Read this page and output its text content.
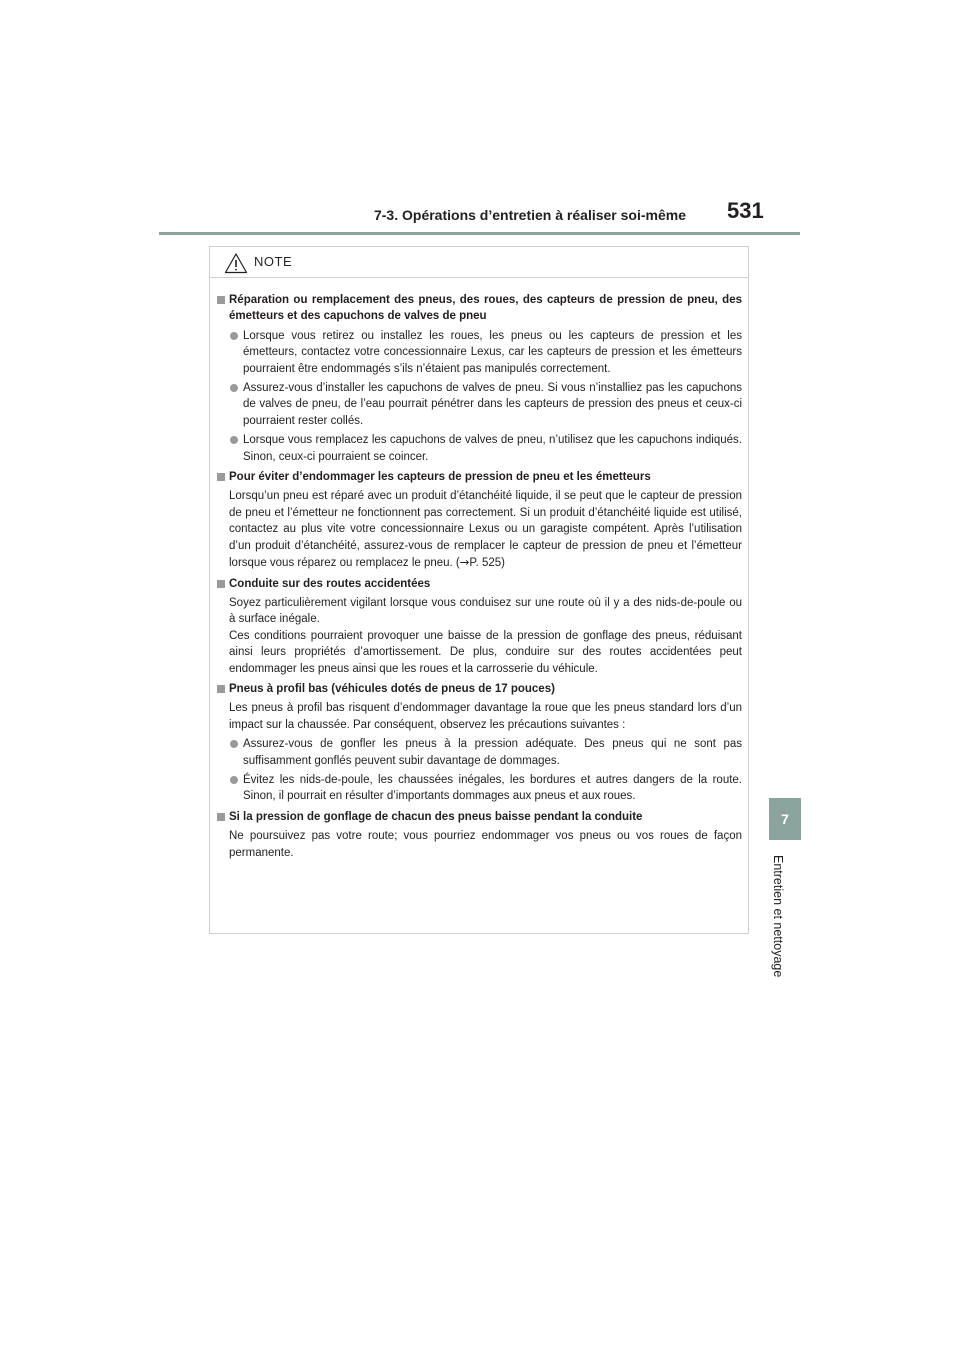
7-3. Opérations d’entretien à réaliser soi-même 531
7
Entretien et nettoyage
NOTE
Réparation ou remplacement des pneus, des roues, des capteurs de pression de pneu, des émetteurs et des capuchons de valves de pneu
Lorsque vous retirez ou installez les roues, les pneus ou les capteurs de pression et les émetteurs, contactez votre concessionnaire Lexus, car les capteurs de pression et les émetteurs pourraient être endommagés s’ils n’étaient pas manipulés correctement.
Assurez-vous d’installer les capuchons de valves de pneu. Si vous n’installiez pas les capuchons de valves de pneu, de l’eau pourrait pénétrer dans les capteurs de pression des pneus et ceux-ci pourraient rester collés.
Lorsque vous remplacez les capuchons de valves de pneu, n’utilisez que les capuchons indiqués. Sinon, ceux-ci pourraient se coincer.
Pour éviter d’endommager les capteurs de pression de pneu et les émetteurs
Lorsqu’un pneu est réparé avec un produit d’étanchéité liquide, il se peut que le capteur de pression de pneu et l’émetteur ne fonctionnent pas correctement. Si un produit d’étanchéité liquide est utilisé, contactez au plus vite votre concessionnaire Lexus ou un garagiste compétent. Après l’utilisation d’un produit d’étanchéité, assurez-vous de remplacer le capteur de pression de pneu et l’émetteur lorsque vous réparez ou remplacez le pneu. (→P. 525)
Conduite sur des routes accidentées
Soyez particulièrement vigilant lorsque vous conduisez sur une route où il y a des nids-de-poule ou à surface inégale.
Ces conditions pourraient provoquer une baisse de la pression de gonflage des pneus, réduisant ainsi leurs propriétés d’amortissement. De plus, conduire sur des routes accidentées peut endommager les pneus ainsi que les roues et la carrosserie du véhicule.
Pneus à profil bas (véhicules dotés de pneus de 17 pouces)
Les pneus à profil bas risquent d’endommager davantage la roue que les pneus standard lors d’un impact sur la chaussée. Par conséquent, observez les précautions suivantes :
Assurez-vous de gonfler les pneus à la pression adéquate. Des pneus qui ne sont pas suffisamment gonflés peuvent subir davantage de dommages.
Évitez les nids-de-poule, les chaussées inégales, les bordures et autres dangers de la route. Sinon, il pourrait en résulter d’importants dommages aux pneus et aux roues.
Si la pression de gonflage de chacun des pneus baisse pendant la conduite
Ne poursuivez pas votre route; vous pourriez endommager vos pneus ou vos roues de façon permanente.
